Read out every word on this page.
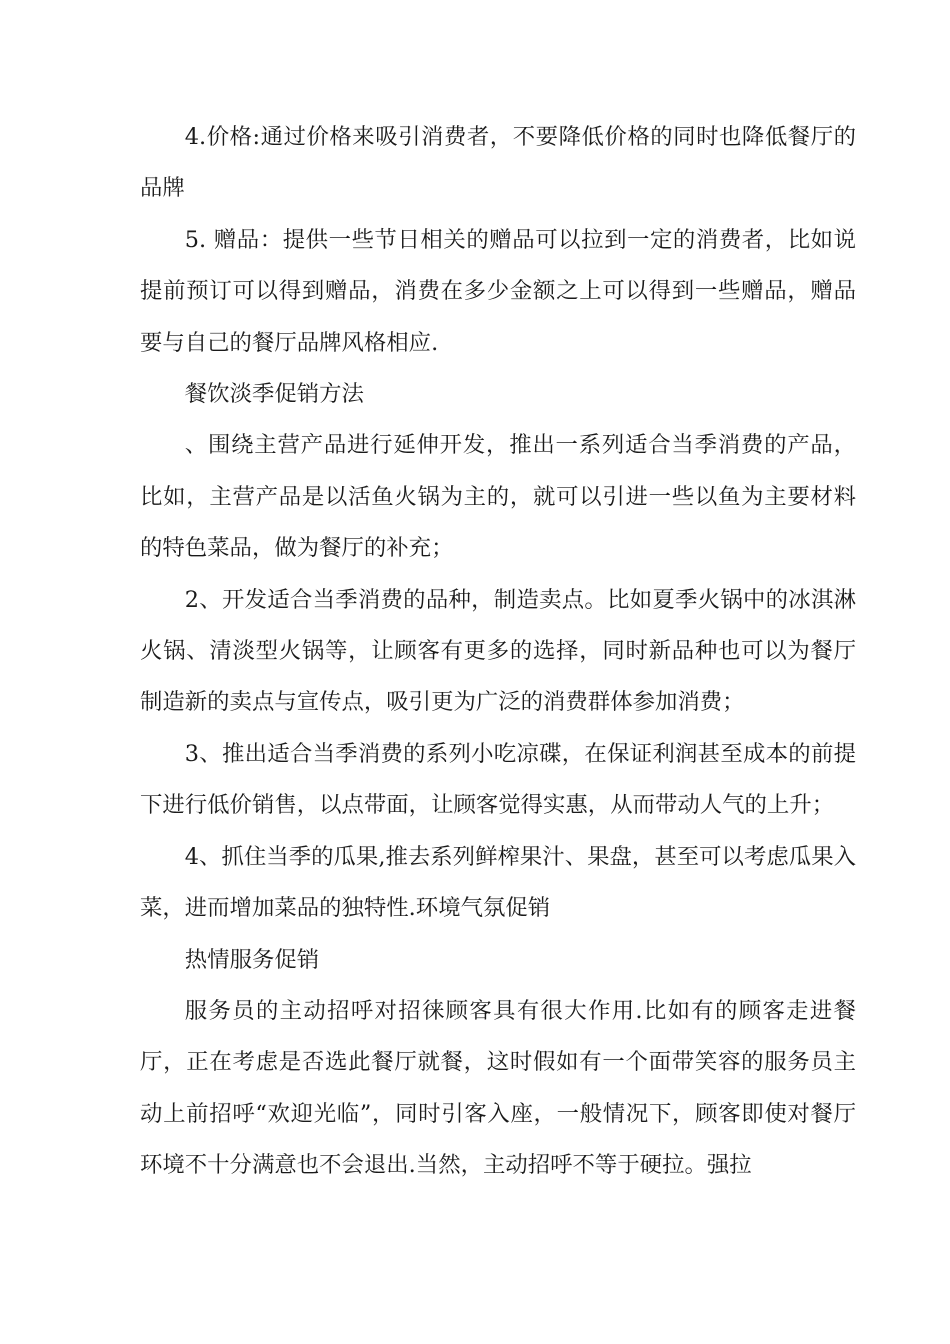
4.价格:通过价格来吸引消费者，不要降低价格的同时也降低餐厅的品牌

5. 赠品：提供一些节日相关的赠品可以拉到一定的消费者，比如说提前预订可以得到赠品，消费在多少金额之上可以得到一些赠品，赠品要与自己的餐厅品牌风格相应.

餐饮淡季促销方法

、围绕主营产品进行延伸开发，推出一系列适合当季消费的产品，比如，主营产品是以活鱼火锅为主的，就可以引进一些以鱼为主要材料的特色菜品，做为餐厅的补充；

2、开发适合当季消费的品种，制造卖点。比如夏季火锅中的冰淇淋火锅、清淡型火锅等，让顾客有更多的选择，同时新品种也可以为餐厅制造新的卖点与宣传点，吸引更为广泛的消费群体参加消费；

3、推出适合当季消费的系列小吃凉碟，在保证利润甚至成本的前提下进行低价销售，以点带面，让顾客觉得实惠，从而带动人气的上升；

4、抓住当季的瓜果,推去系列鲜榨果汁、果盘，甚至可以考虑瓜果入菜，进而增加菜品的独特性.环境气氛促销

热情服务促销

服务员的主动招呼对招徕顾客具有很大作用.比如有的顾客走进餐厅，正在考虑是否选此餐厅就餐，这时假如有一个面带笑容的服务员主动上前招呼“欢迎光临”，同时引客入座，一般情况下，顾客即使对餐厅环境不十分满意也不会退出.当然，主动招呼不等于硬拉。强拉
